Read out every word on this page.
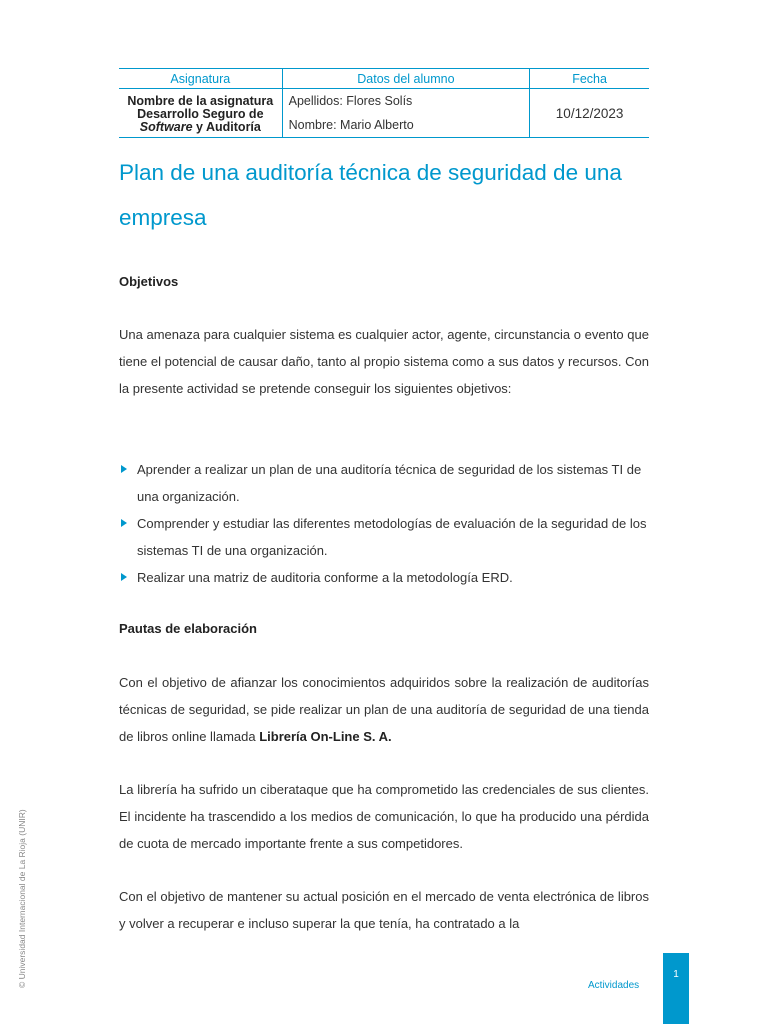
Asignatura	Datos del alumno	Fecha

Nombre de la asignatura
Desarrollo Seguro de
Software y Auditoría	Apellidos: Flores Solís	10/12/2023
	Nombre: Mario Alberto	
Plan de una auditoría técnica de seguridad de una
empresa
Objetivos
Una amenaza para cualquier sistema es cualquier actor, agente, circunstancia o evento que tiene el potencial de causar daño, tanto al propio sistema como a sus datos y recursos. Con la presente actividad se pretende conseguir los siguientes objetivos:
Aprender a realizar un plan de una auditoría técnica de seguridad de los sistemas TI de una organización.
Comprender y estudiar las diferentes metodologías de evaluación de la seguridad de los sistemas TI de una organización.
Realizar una matriz de auditoria conforme a la metodología ERD.
Pautas de elaboración
Con el objetivo de afianzar los conocimientos adquiridos sobre la realización de auditorías técnicas de seguridad, se pide realizar un plan de una auditoría de seguridad de una tienda de libros online llamada Librería On-Line S. A.
La librería ha sufrido un ciberataque que ha comprometido las credenciales de sus clientes. El incidente ha trascendido a los medios de comunicación, lo que ha producido una pérdida de cuota de mercado importante frente a sus competidores.
Con el objetivo de mantener su actual posición en el mercado de venta electrónica de libros y volver a recuperar e incluso superar la que tenía, ha contratado a la
© Universidad Internacional de La Rioja (UNIR)	Actividades
1
